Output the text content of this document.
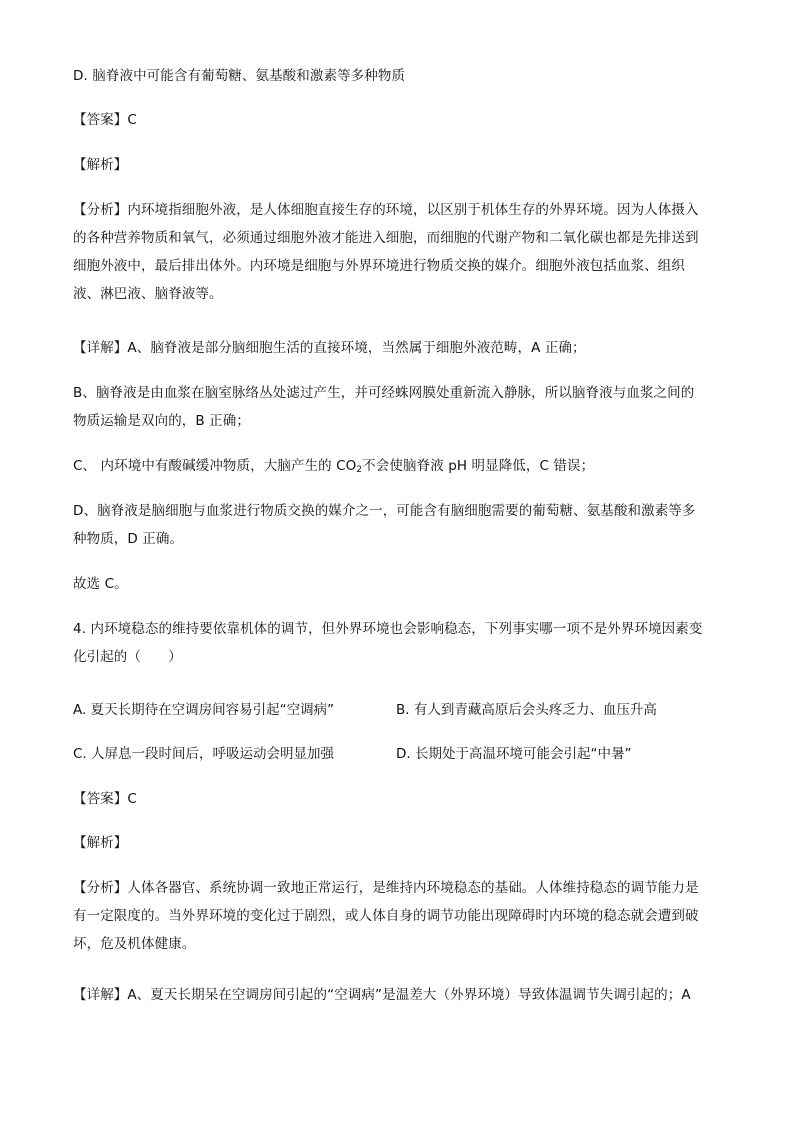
D. 脑脊液中可能含有葡萄糖、氨基酸和激素等多种物质
【答案】C
【解析】
【分析】内环境指细胞外液，是人体细胞直接生存的环境，以区别于机体生存的外界环境。因为人体摄入
的各种营养物质和氧气，必须通过细胞外液才能进入细胞，而细胞的代谢产物和二氧化碳也都是先排送到
细胞外液中，最后排出体外。内环境是细胞与外界环境进行物质交换的媒介。细胞外液包括血浆、组织
液、淋巴液、脑脊液等。
【详解】A、脑脊液是部分脑细胞生活的直接环境，当然属于细胞外液范畴，A 正确；
B、脑脊液是由血浆在脑室脉络丛处滤过产生，并可经蛛网膜处重新流入静脉，所以脑脊液与血浆之间的
物质运输是双向的，B 正确；
C、 内环境中有酸碱缓冲物质，大脑产生的 $CO_2$不会使脑脊液 pH 明显降低，C 错误；
D、脑脊液是脑细胞与血浆进行物质交换的媒介之一，可能含有脑细胞需要的葡萄糖、氨基酸和激素等多
种物质，D 正确。
故选 C。
4. 内环境稳态的维持要依靠机体的调节，但外界环境也会影响稳态，下列事实哪一项不是外界环境因素变
化引起的（　　）
A. 夏天长期待在空调房间容易引起“空调病”	B. 有人到青藏高原后会头疼乏力、血压升高
C. 人屏息一段时间后，呼吸运动会明显加强	D. 长期处于高温环境可能会引起“中暑”
【答案】C
【解析】
【分析】人体各器官、系统协调一致地正常运行，是维持内环境稳态的基础。人体维持稳态的调节能力是
有一定限度的。当外界环境的变化过于剧烈，或人体自身的调节功能出现障碍时内环境的稳态就会遭到破
坏，危及机体健康。
【详解】A、夏天长期呆在空调房间引起的“空调病”是温差大（外界环境）导致体温调节失调引起的；A
